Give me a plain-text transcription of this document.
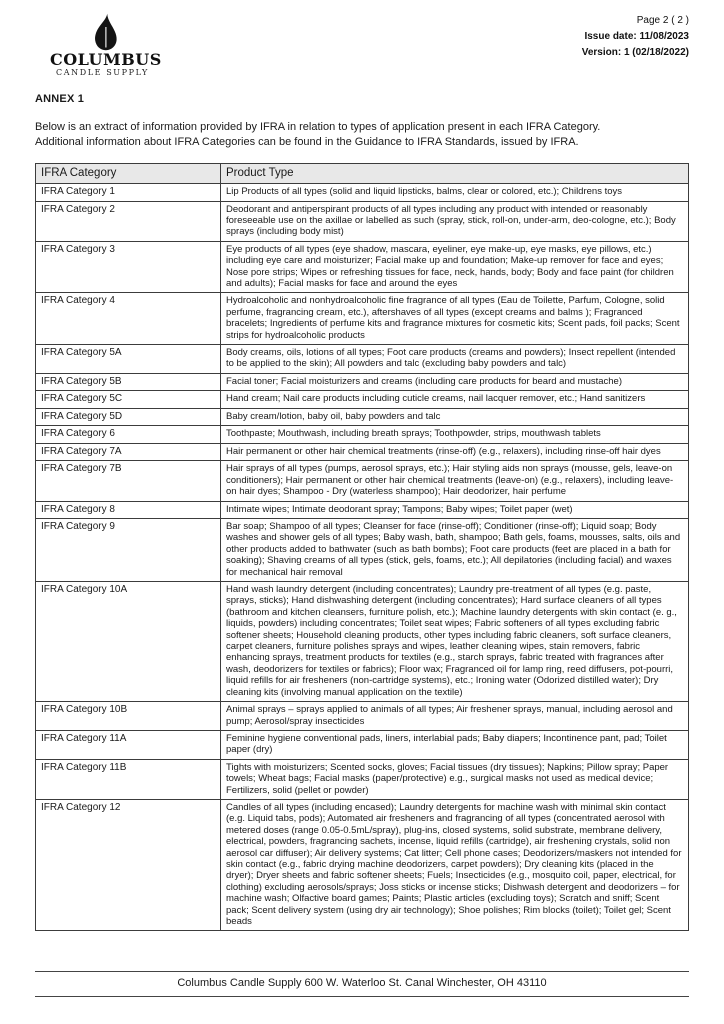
COLUMBUS
CANDLE SUPPLY
Page 2 ( 2 )
Issue date: 11/08/2023
Version: 1 (02/18/2022)
ANNEX 1
Below is an extract of information provided by IFRA in relation to types of application present in each IFRA Category.
Additional information about IFRA Categories can be found in the Guidance to IFRA Standards, issued by IFRA.
IFRA Category	Product Type
IFRA Category 1	Lip Products of all types (solid and liquid lipsticks, balms, clear or colored, etc.); Childrens toys
IFRA Category 2	Deodorant and antiperspirant products of all types including any product with intended or reasonably foreseeable use on the axillae or labelled as such (spray, stick, roll-on, under-arm, deo-cologne, etc.); Body sprays (including body mist)
IFRA Category 3	Eye products of all types (eye shadow, mascara, eyeliner, eye make-up, eye masks, eye pillows, etc.) including eye care and moisturizer; Facial make up and foundation; Make-up remover for face and eyes; Nose pore strips; Wipes or refreshing tissues for face, neck, hands, body; Body and face paint (for children and adults); Facial masks for face and around the eyes
IFRA Category 4	Hydroalcoholic and nonhydroalcoholic fine fragrance of all types (Eau de Toilette, Parfum, Cologne, solid perfume, fragrancing cream, etc.), aftershaves of all types (except creams and balms ); Fragranced bracelets; Ingredients of perfume kits and fragrance mixtures for cosmetic kits; Scent pads, foil packs; Scent strips for hydroalcoholic products
IFRA Category 5A	Body creams, oils, lotions of all types; Foot care products (creams and powders); Insect repellent (intended to be applied to the skin); All powders and talc (excluding baby powders and talc)
IFRA Category 5B	Facial toner; Facial moisturizers and creams (including care products for beard and mustache)
IFRA Category 5C	Hand cream; Nail care products including cuticle creams, nail lacquer remover, etc.; Hand sanitizers
IFRA Category 5D	Baby cream/lotion, baby oil, baby powders and talc
IFRA Category 6	Toothpaste; Mouthwash, including breath sprays; Toothpowder, strips, mouthwash tablets
IFRA Category 7A	Hair permanent or other hair chemical treatments (rinse-off) (e.g., relaxers), including rinse-off hair dyes
IFRA Category 7B	Hair sprays of all types (pumps, aerosol sprays, etc.); Hair styling aids non sprays (mousse, gels, leave-on conditioners); Hair permanent or other hair chemical treatments (leave-on) (e.g., relaxers), including leave-on hair dyes; Shampoo - Dry (waterless shampoo); Hair deodorizer, hair perfume
IFRA Category 8	Intimate wipes; Intimate deodorant spray; Tampons; Baby wipes; Toilet paper (wet)
IFRA Category 9	Bar soap; Shampoo of all types; Cleanser for face (rinse-off); Conditioner (rinse-off); Liquid soap; Body washes and shower gels of all types; Baby wash, bath, shampoo; Bath gels, foams, mousses, salts, oils and other products added to bathwater (such as bath bombs); Foot care products (feet are placed in a bath for soaking); Shaving creams of all types (stick, gels, foams, etc.); All depilatories (including facial) and waxes for mechanical hair removal
IFRA Category 10A	Hand wash laundry detergent (including concentrates); Laundry pre-treatment of all types (e.g. paste, sprays, sticks); Hand dishwashing detergent (including concentrates); Hard surface cleaners of all types (bathroom and kitchen cleansers, furniture polish, etc.); Machine laundry detergents with skin contact (e. g., liquids, powders) including concentrates; Toilet seat wipes; Fabric softeners of all types excluding fabric softener sheets; Household cleaning products, other types including fabric cleaners, soft surface cleaners, carpet cleaners, furniture polishes sprays and wipes, leather cleaning wipes, stain removers, fabric enhancing sprays, treatment products for textiles (e.g., starch sprays, fabric treated with fragrances after wash, deodorizers for textiles or fabrics); Floor wax; Fragranced oil for lamp ring, reed diffusers, pot-pourri, liquid refills for air fresheners (non-cartridge systems), etc.; Ironing water (Odorized distilled water); Dry cleaning kits (involving manual application on the textile)
IFRA Category 10B	Animal sprays – sprays applied to animals of all types; Air freshener sprays, manual, including aerosol and pump; Aerosol/spray insecticides
IFRA Category 11A	Feminine hygiene conventional pads, liners, interlabial pads; Baby diapers; Incontinence pant, pad; Toilet paper (dry)
IFRA Category 11B	Tights with moisturizers; Scented socks, gloves; Facial tissues (dry tissues); Napkins; Pillow spray; Paper towels; Wheat bags; Facial masks (paper/protective) e.g., surgical masks not used as medical device; Fertilizers, solid (pellet or powder)
IFRA Category 12	Candles of all types (including encased); Laundry detergents for machine wash with minimal skin contact (e.g. Liquid tabs, pods); Automated air fresheners and fragrancing of all types (concentrated aerosol with metered doses (range 0.05-0.5mL/spray), plug-ins, closed systems, solid substrate, membrane delivery, electrical, powders, fragrancing sachets, incense, liquid refills (cartridge), air freshening crystals, solid non aerosol car diffuser); Air delivery systems; Cat litter; Cell phone cases; Deodorizers/maskers not intended for skin contact (e.g., fabric drying machine deodorizers, carpet powders); Dry cleaning kits (placed in the dryer); Dryer sheets and fabric softener sheets; Fuels; Insecticides (e.g., mosquito coil, paper, electrical, for clothing) excluding aerosols/sprays; Joss sticks or incense sticks; Dishwash detergent and deodorizers – for machine wash; Olfactive board games; Paints; Plastic articles (excluding toys); Scratch and sniff; Scent pack; Scent delivery system (using dry air technology); Shoe polishes; Rim blocks (toilet); Toilet gel; Scent beads
Columbus Candle Supply 600 W. Waterloo St. Canal Winchester, OH 43110
